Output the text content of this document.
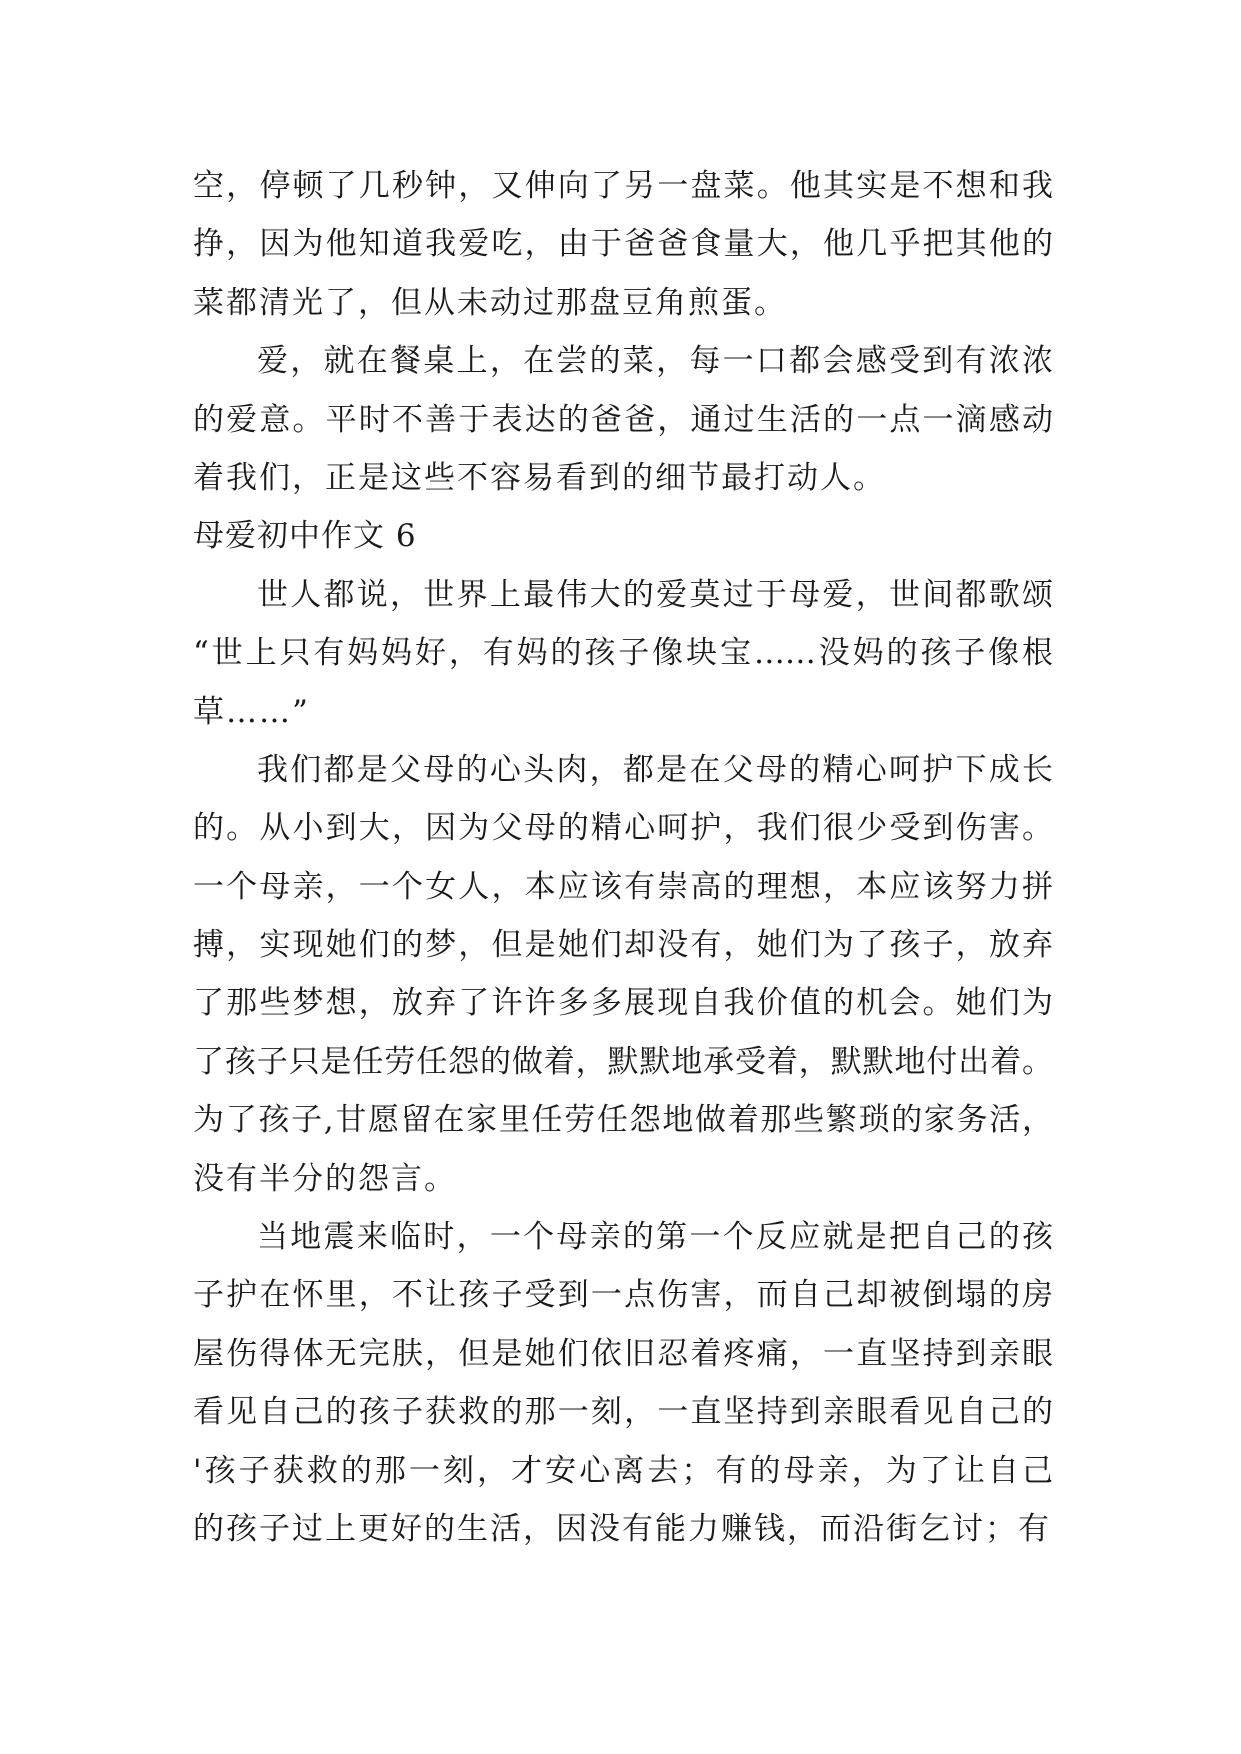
空，停顿了几秒钟，又伸向了另一盘菜。他其实是不想和我
挣，因为他知道我爱吃，由于爸爸食量大，他几乎把其他的
菜都清光了，但从未动过那盘豆角煎蛋。
爱，就在餐桌上，在尝的菜，每一口都会感受到有浓浓
的爱意。平时不善于表达的爸爸，通过生活的一点一滴感动
着我们，正是这些不容易看到的细节最打动人。
母爱初中作文 6
世人都说，世界上最伟大的爱莫过于母爱，世间都歌颂
“世上只有妈妈好，有妈的孩子像块宝……没妈的孩子像根
草……”
我们都是父母的心头肉，都是在父母的精心呵护下成长
的。从小到大，因为父母的精心呵护，我们很少受到伤害。
一个母亲，一个女人，本应该有崇高的理想，本应该努力拼
搏，实现她们的梦，但是她们却没有，她们为了孩子，放弃
了那些梦想，放弃了许许多多展现自我价值的机会。她们为
了孩子只是任劳任怨的做着，默默地承受着，默默地付出着。
为了孩子,甘愿留在家里任劳任怨地做着那些繁琐的家务活，
没有半分的怨言。
当地震来临时，一个母亲的第一个反应就是把自己的孩
子护在怀里，不让孩子受到一点伤害，而自己却被倒塌的房
屋伤得体无完肤，但是她们依旧忍着疼痛，一直坚持到亲眼
看见自己的孩子获救的那一刻，一直坚持到亲眼看见自己的
'孩子获救的那一刻，才安心离去；有的母亲，为了让自己
的孩子过上更好的生活，因没有能力赚钱，而沿街乞讨；有
